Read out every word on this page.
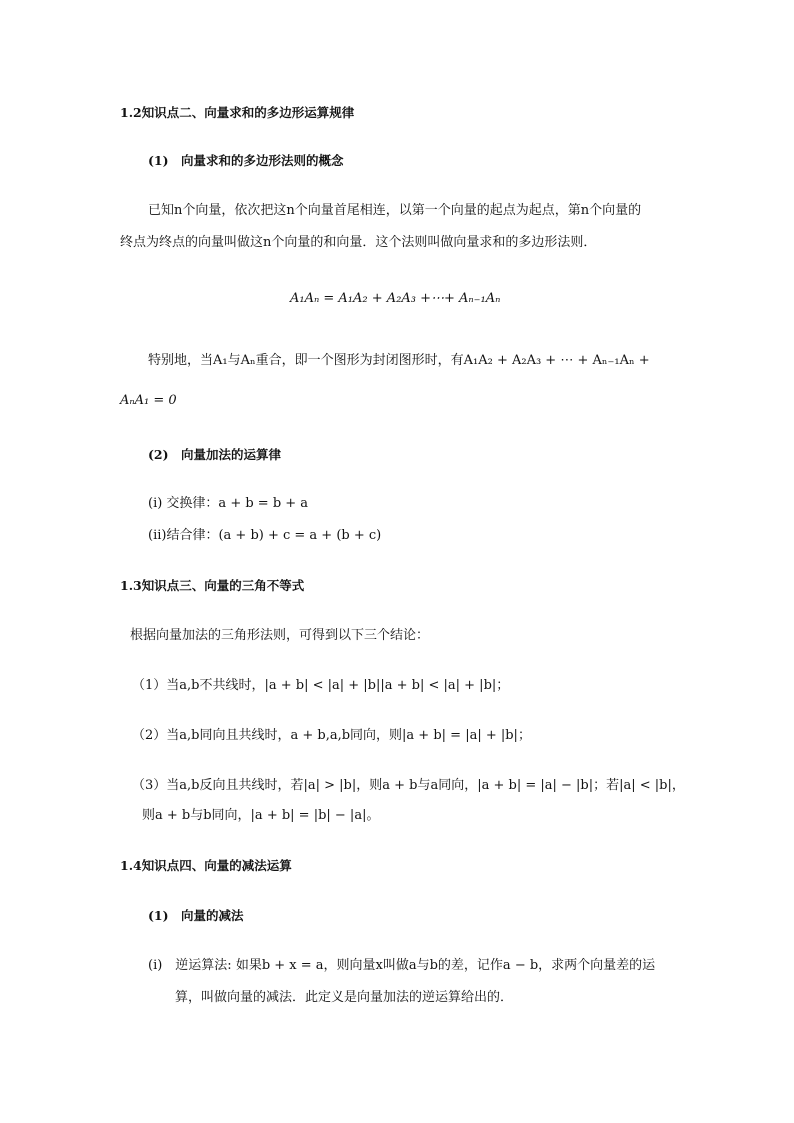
1.2知识点二、向量求和的多边形运算规律
(1)　向量求和的多边形法则的概念
已知n个向量，依次把这n个向量首尾相连，以第一个向量的起点为起点，第n个向量的
终点为终点的向量叫做这n个向量的和向量．这个法则叫做向量求和的多边形法则．
A₁Aₙ = A₁A₂ + A₂A₃ +⋯+ Aₙ₋₁Aₙ
特别地，当A₁与Aₙ重合，即一个图形为封闭图形时，有A₁A₂ + A₂A₃ + ⋯ + Aₙ₋₁Aₙ +
AₙA₁ = 0
(2)　向量加法的运算律
(i) 交换律：a + b = b + a
(ii)结合律：(a + b) + c = a + (b + c)
1.3知识点三、向量的三角不等式
根据向量加法的三角形法则，可得到以下三个结论：
（1）当a,b不共线时，|a + b| < |a| + |b||a + b| < |a| + |b|；
（2）当a,b同向且共线时，a + b,a,b同向，则|a + b| = |a| + |b|；
（3）当a,b反向且共线时，若|a| > |b|，则a + b与a同向，|a + b| = |a| − |b|；若|a| < |b|，
则a + b与b同向，|a + b| = |b| − |a|。
1.4知识点四、向量的减法运算
(1)　向量的减法
(i)　逆运算法: 如果b + x = a，则向量x叫做a与b的差，记作a − b，求两个向量差的运
算，叫做向量的减法．此定义是向量加法的逆运算给出的．
